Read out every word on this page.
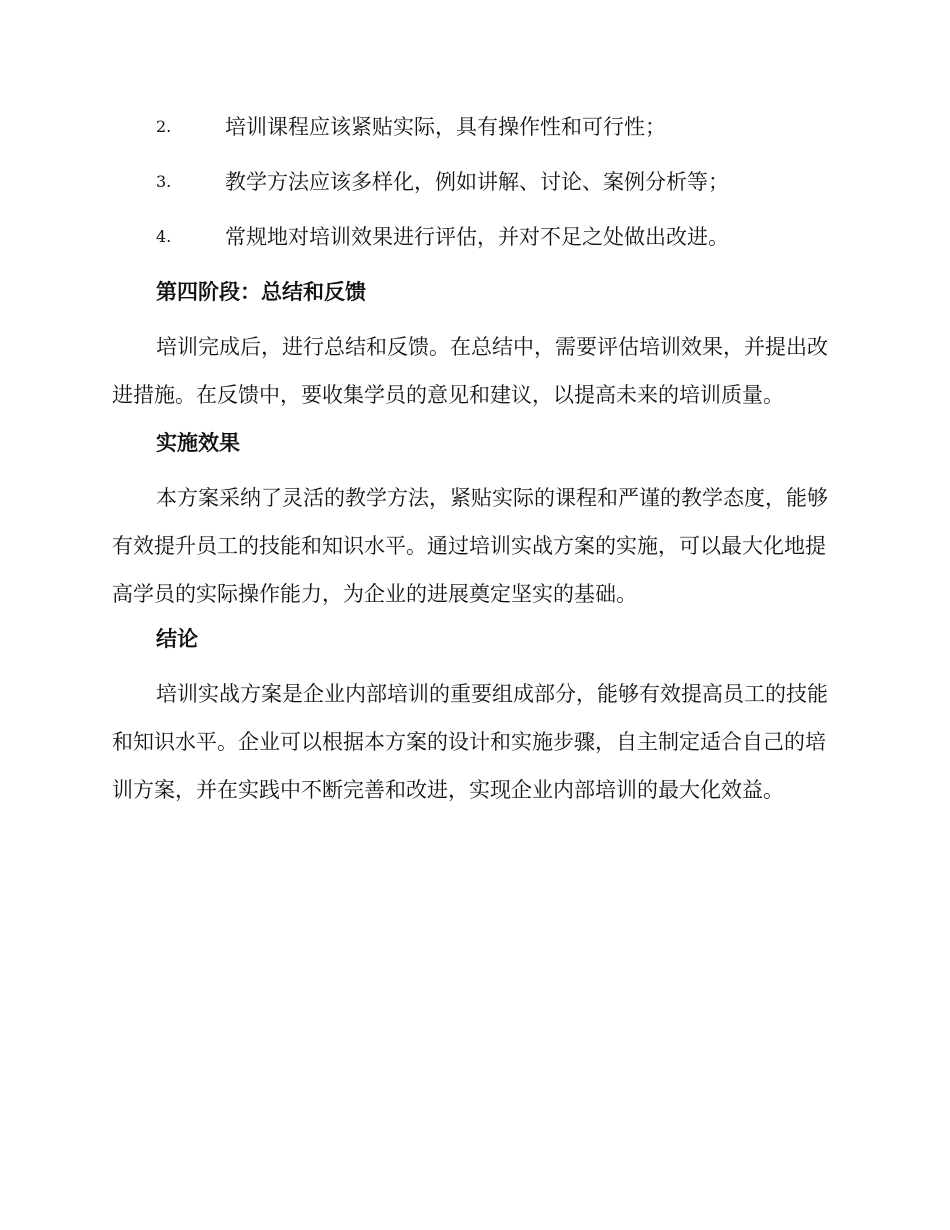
2.	培训课程应该紧贴实际，具有操作性和可行性；
3.	教学方法应该多样化，例如讲解、讨论、案例分析等；
4.	常规地对培训效果进行评估，并对不足之处做出改进。
第四阶段：总结和反馈

培训完成后，进行总结和反馈。在总结中，需要评估培训效果，并提出改进措施。在反馈中，要收集学员的意见和建议，以提高未来的培训质量。

实施效果

本方案采纳了灵活的教学方法，紧贴实际的课程和严谨的教学态度，能够有效提升员工的技能和知识水平。通过培训实战方案的实施，可以最大化地提高学员的实际操作能力，为企业的进展奠定坚实的基础。

结论

培训实战方案是企业内部培训的重要组成部分，能够有效提高员工的技能和知识水平。企业可以根据本方案的设计和实施步骤，自主制定适合自己的培训方案，并在实践中不断完善和改进，实现企业内部培训的最大化效益。
